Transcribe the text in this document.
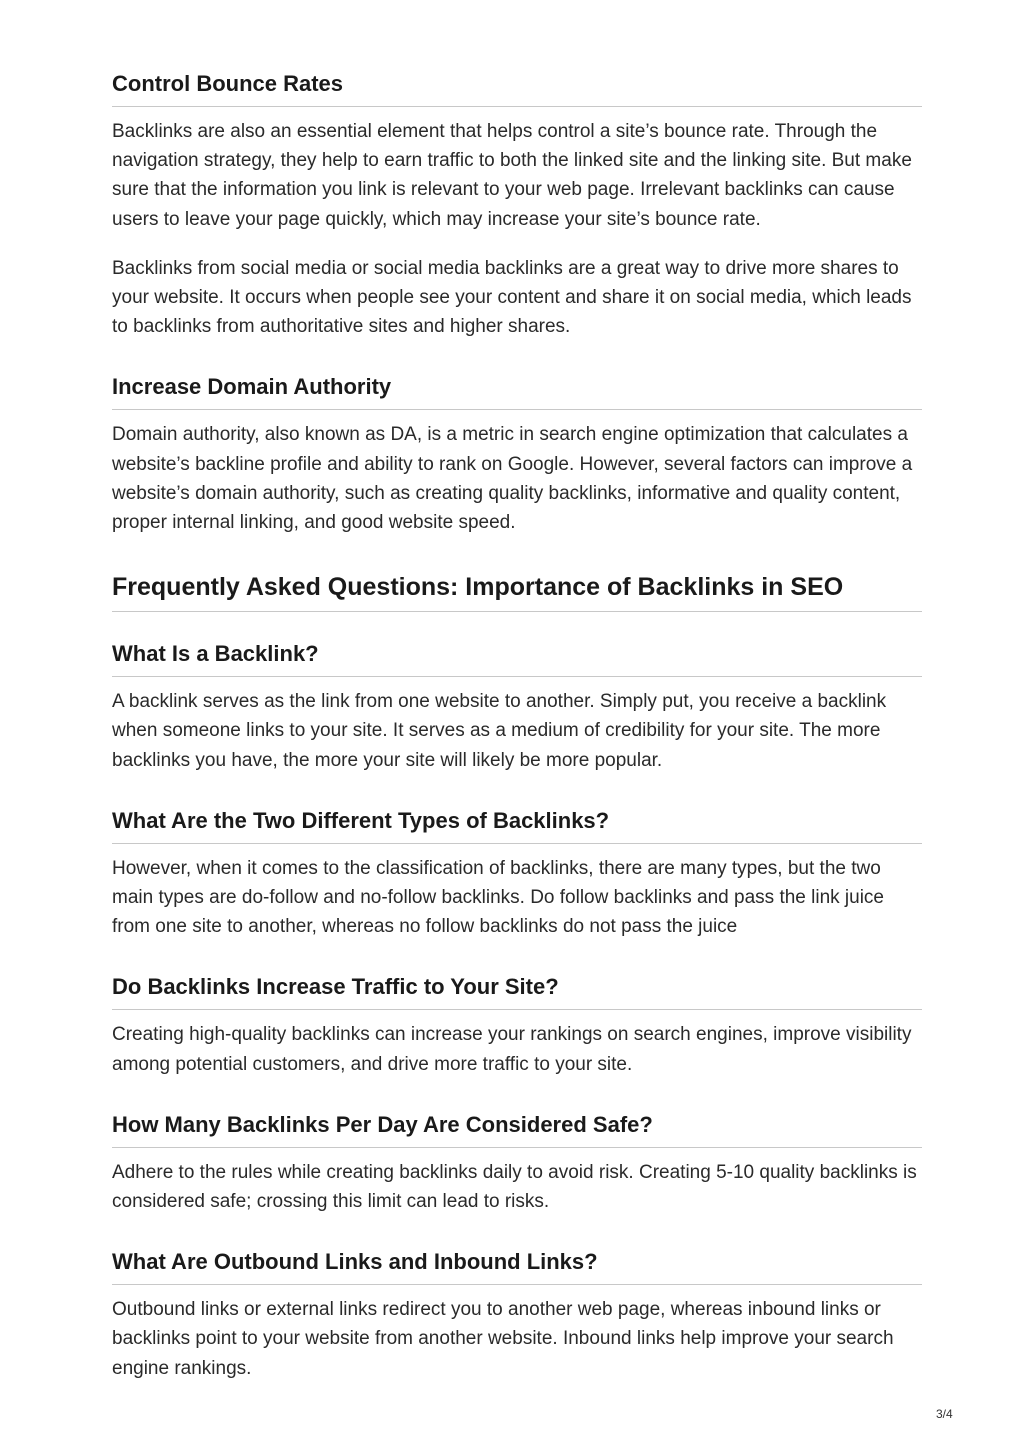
Control Bounce Rates

Backlinks are also an essential element that helps control a site’s bounce rate. Through the navigation strategy, they help to earn traffic to both the linked site and the linking site. But make sure that the information you link is relevant to your web page. Irrelevant backlinks can cause users to leave your page quickly, which may increase your site’s bounce rate.

Backlinks from social media or social media backlinks are a great way to drive more shares to your website. It occurs when people see your content and share it on social media, which leads to backlinks from authoritative sites and higher shares.

Increase Domain Authority

Domain authority, also known as DA, is a metric in search engine optimization that calculates a website’s backline profile and ability to rank on Google. However, several factors can improve a website’s domain authority, such as creating quality backlinks, informative and quality content, proper internal linking, and good website speed.

Frequently Asked Questions: Importance of Backlinks in SEO
What Is a Backlink?

A backlink serves as the link from one website to another. Simply put, you receive a backlink when someone links to your site. It serves as a medium of credibility for your site. The more backlinks you have, the more your site will likely be more popular.

What Are the Two Different Types of Backlinks?

However, when it comes to the classification of backlinks, there are many types, but the two main types are do-follow and no-follow backlinks. Do follow backlinks and pass the link juice from one site to another, whereas no follow backlinks do not pass the juice

Do Backlinks Increase Traffic to Your Site?

Creating high-quality backlinks can increase your rankings on search engines, improve visibility among potential customers, and drive more traffic to your site.

How Many Backlinks Per Day Are Considered Safe?

Adhere to the rules while creating backlinks daily to avoid risk. Creating 5-10 quality backlinks is considered safe; crossing this limit can lead to risks.

What Are Outbound Links and Inbound Links?

Outbound links or external links redirect you to another web page, whereas inbound links or backlinks point to your website from another website. Inbound links help improve your search engine rankings.

3/4
